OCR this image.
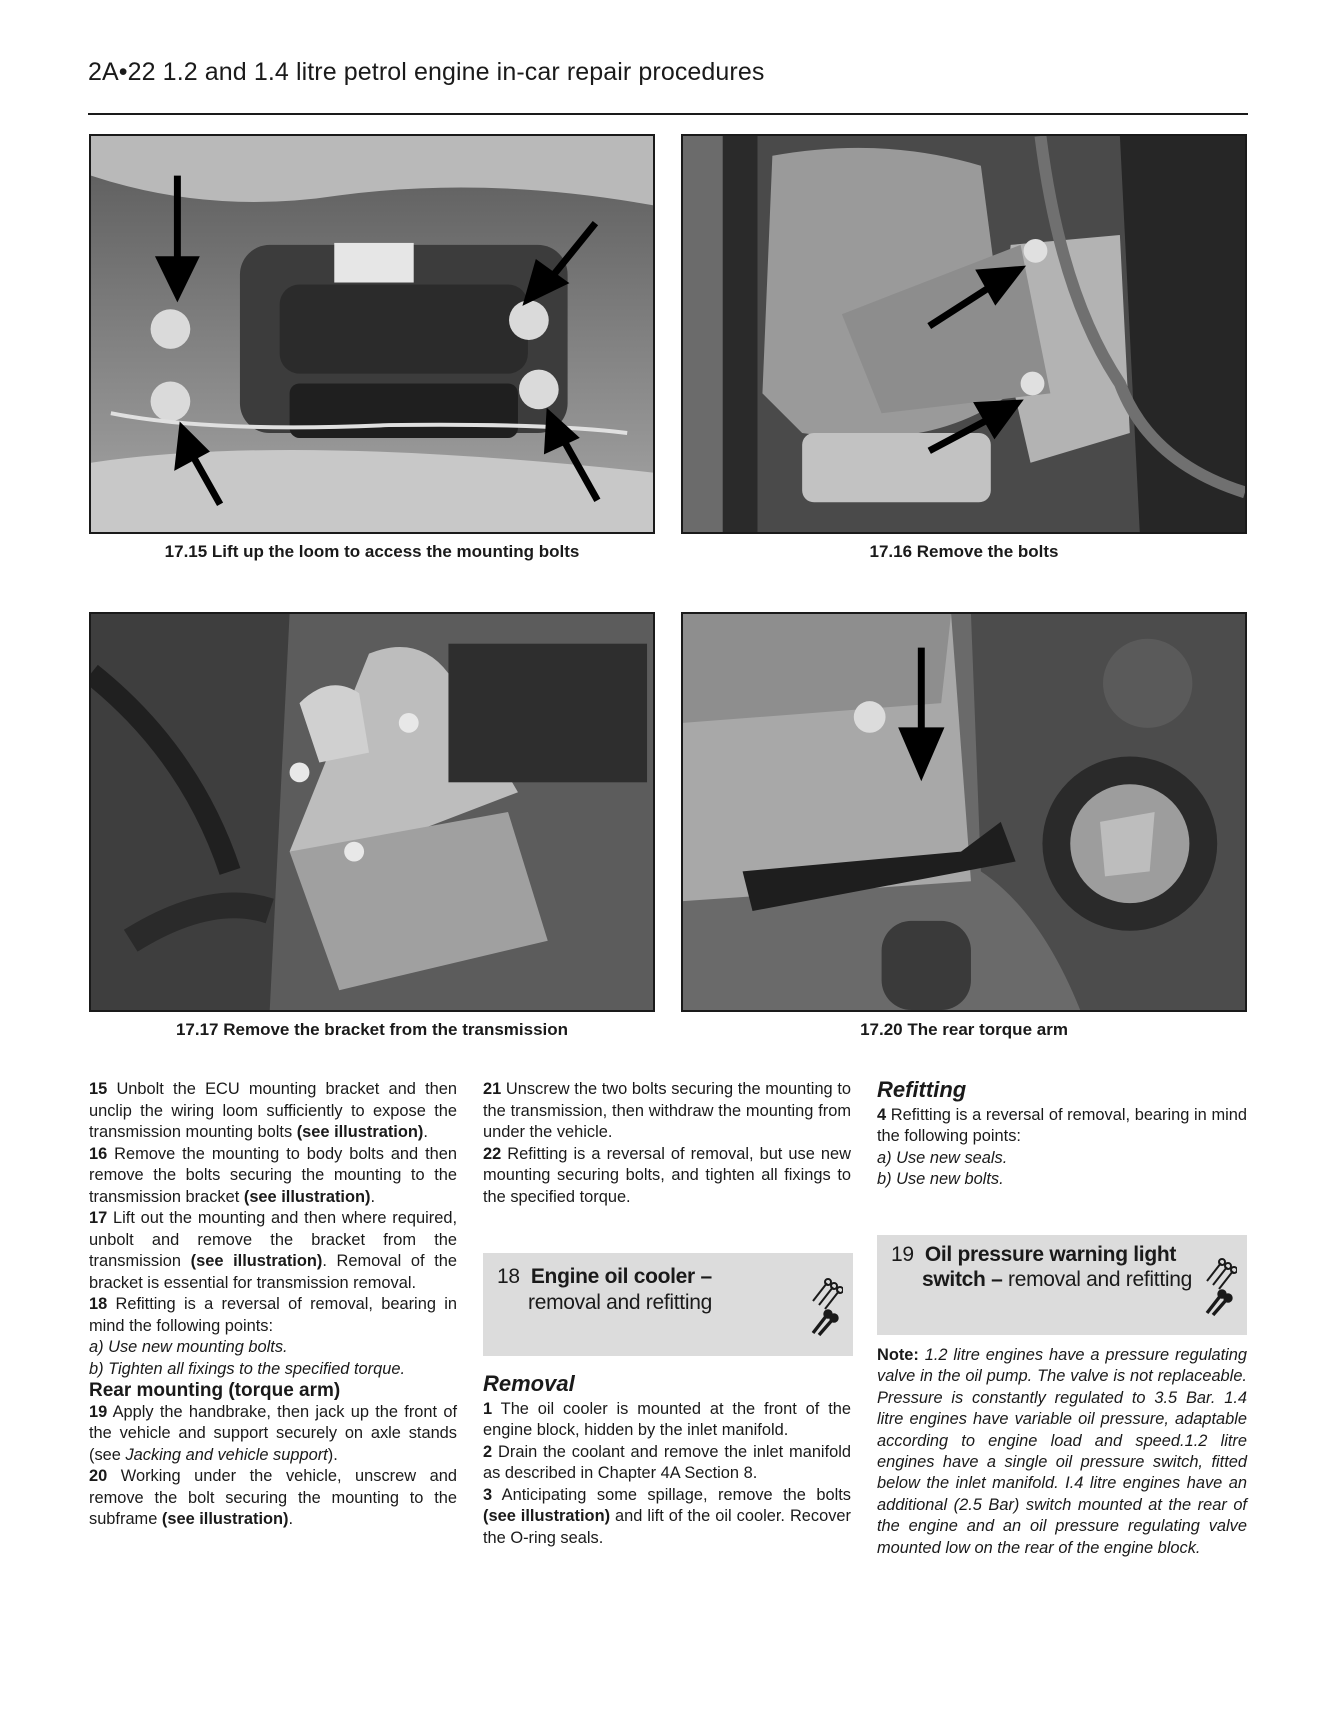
2A•22 1.2 and 1.4 litre petrol engine in-car repair procedures
17.15 Lift up the loom to access the mounting bolts	17.16 Remove the bolts
17.17 Remove the bracket from the transmission	17.20 The rear torque arm

15 Unbolt the ECU mounting bracket and then unclip the wiring loom sufficiently to expose the transmission mounting bolts (see illustration).

16 Remove the mounting to body bolts and then remove the bolts securing the mounting to the transmission bracket (see illustration).

17 Lift out the mounting and then where required, unbolt and remove the bracket from the transmission (see illustration). Removal of the bracket is essential for transmission removal.

18 Refitting is a reversal of removal, bearing in mind the following points:

a) Use new mounting bolts.

b) Tighten all fixings to the specified torque.

Rear mounting (torque arm)

19 Apply the handbrake, then jack up the front of the vehicle and support securely on axle stands (see Jacking and vehicle support).

20 Working under the vehicle, unscrew and remove the bolt securing the mounting to the subframe (see illustration).

21 Unscrew the two bolts securing the mounting to the transmission, then withdraw the mounting from under the vehicle.

22 Refitting is a reversal of removal, but use new mounting securing bolts, and tighten all fixings to the specified torque.

18 Engine oil cooler –
removal and refitting

Removal

1 The oil cooler is mounted at the front of the engine block, hidden by the inlet manifold.

2 Drain the coolant and remove the inlet manifold as described in Chapter 4A Section 8.

3 Anticipating some spillage, remove the bolts (see illustration) and lift of the oil cooler. Recover the O-ring seals.

Refitting

4 Refitting is a reversal of removal, bearing in mind the following points:

a) Use new seals.

b) Use new bolts.

19 Oil pressure warning light
switch – removal and refitting
Note: 1.2 litre engines have a pressure regulating valve in the oil pump. The valve is not replaceable. Pressure is constantly regulated to 3.5 Bar. 1.4 litre engines have variable oil pressure, adaptable according to engine load and speed.1.2 litre engines have a single oil pressure switch, fitted below the inlet manifold. I.4 litre engines have an additional (2.5 Bar) switch mounted at the rear of the engine and an oil pressure regulating valve mounted low on the rear of the engine block.
